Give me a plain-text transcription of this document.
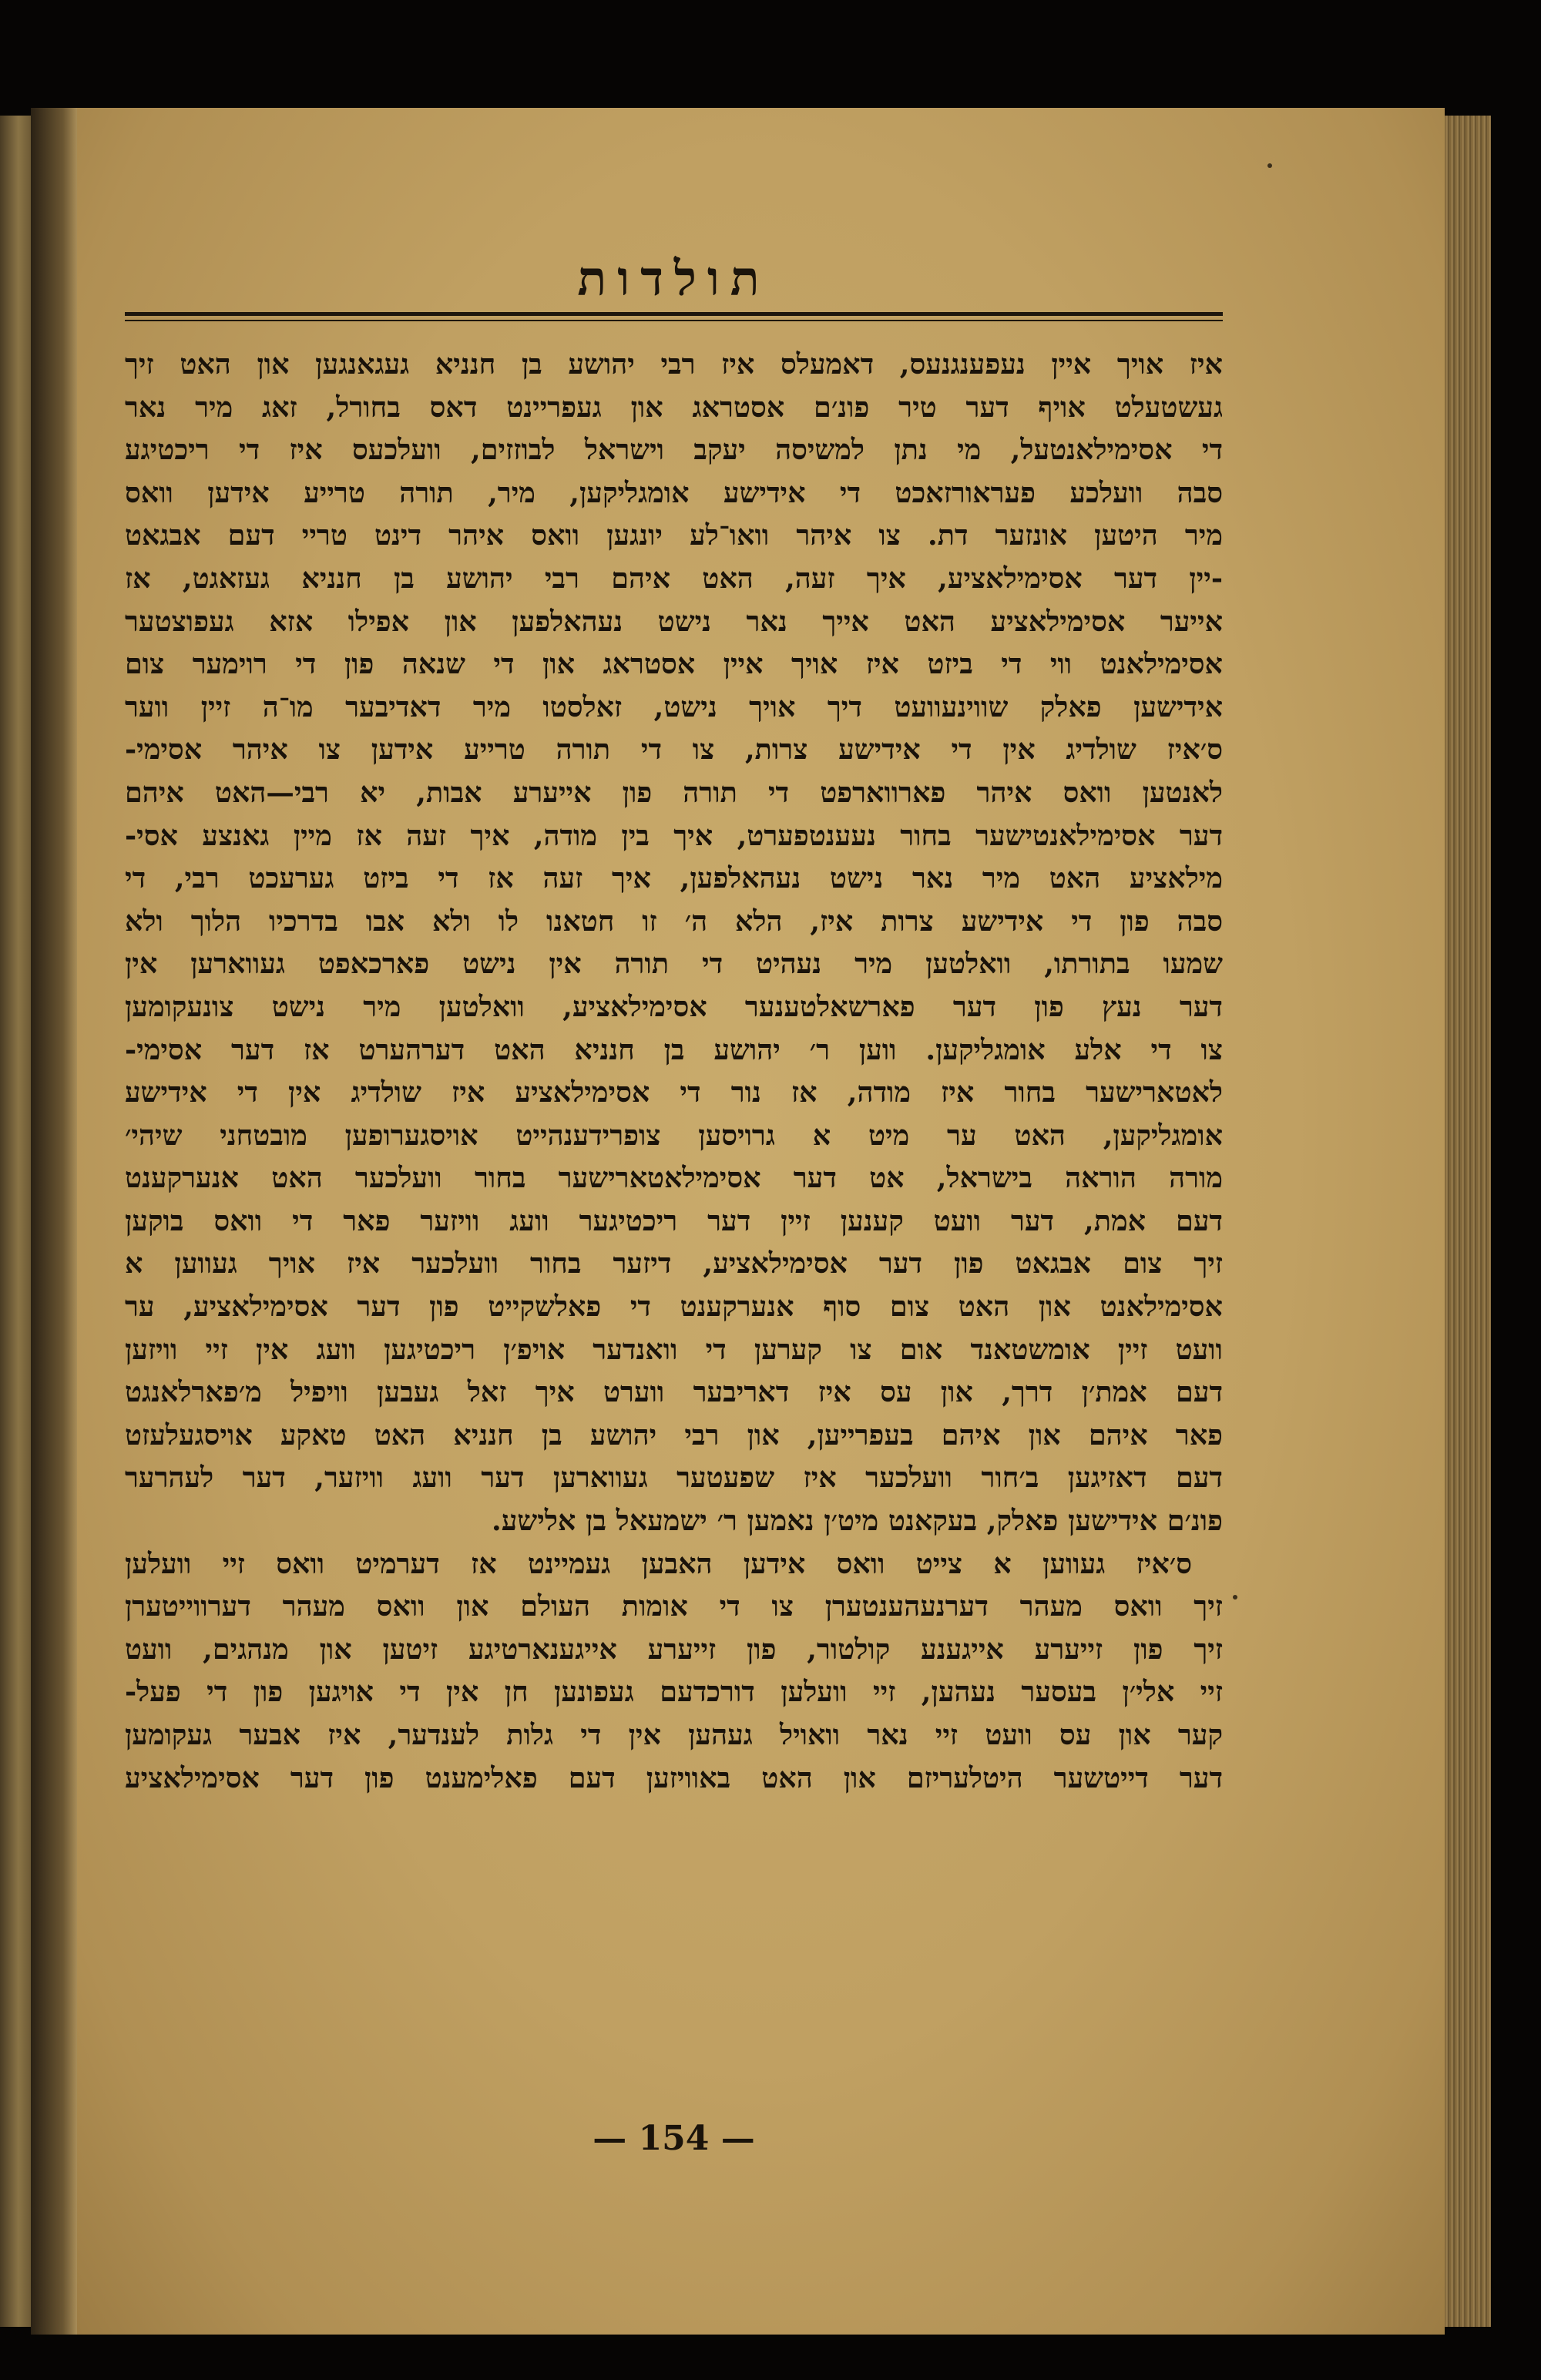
תולדות
איז אויך איין נעפענגנעס, דאמעלס איז רבי יהושע בן חנניא געגאנגען און האט זיך
געשטעלט אויף דער טיר פונ׳ם אסטראג און געפריינט דאס בחורל, זאג מיר נאר
די אסימילאנטעל, מי נתן למשיסה יעקב וישראל לבוזזים, וועלכעס איז די ריכטיגע
סבה וועלכע פעראורזאכט די אידישע אומגליקען, מיר, תורה טרייע אידען וואס
מיר היטען אונזער דת. צו איהר וואו־לע יונגען וואס איהר דינט טריי דעם אבגאט
-יין דער אסימילאציע, איך זעה, האט איהם רבי יהושע בן חנניא געזאגט, אז
אייער אסימילאציע האט אייך נאר נישט נעהאלפען און אפילו אזא געפוצטער
אסימילאנט ווי די ביזט איז אויך איין אסטראג און די שנאה פון די רוימער צום
אידישען פאלק שווינעוועט דיך אויך נישט, זאלסטו מיר דאדיבער מו־ה זיין ווער
ס׳איז שולדיג אין די אידישע צרות, צו די תורה טרייע אידען צו איהר אסימי-
לאנטען וואס איהר פארווארפט די תורה פון אייערע אבות, יא רבי—האט איהם
דער אסימילאנטישער בחור נעענטפערט, איך בין מודה, איך זעה אז מיין גאנצע אסי-
מילאציע האט מיר נאר נישט נעהאלפען, איך זעה אז די ביזט גערעכט רבי, די
סבה פון די אידישע צרות איז, הלא ה׳ זו חטאנו לו ולא אבו בדרכיו הלוך ולא
שמעו בתורתו, וואלטען מיר נעהיט די תורה אין נישט פארכאפט געווארען אין
דער נעץ פון דער פארשאלטענער אסימילאציע, וואלטען מיר נישט צונעקומען
צו די אלע אומגליקען. ווען ר׳ יהושע בן חנניא האט דערהערט אז דער אסימי-
לאטארישער בחור איז מודה, אז נור די אסימילאציע איז שולדיג אין די אידישע
אומגליקען, האט ער מיט א גרויסען צופרידענהייט אויסגערופען מובטחני שיהי׳
מורה הוראה בישראל, אט דער אסימילאטארישער בחור וועלכער האט אנערקענט
דעם אמת, דער וועט קענען זיין דער ריכטיגער וועג וויזער פאר די וואס בוקען
זיך צום אבגאט פון דער אסימילאציע, דיזער בחור וועלכער איז אויך געווען א
אסימילאנט און האט צום סוף אנערקענט די פאלשקייט פון דער אסימילאציע, ער
וועט זיין אומשטאנד אום צו קערען די וואנדער אויפ׳ן ריכטיגען וועג אין זיי וויזען
דעם אמת׳ן דרך, און עס איז דאריבער ווערט איך זאל געבען וויפיל מ׳פארלאנגט
פאר איהם און איהם בעפרייען, און רבי יהושע בן חנניא האט טאקע אויסגעלעזט
דעם דאזיגען ב׳חור וועלכער איז שפעטער געווארען דער וועג וויזער, דער לעהרער
פונ׳ם אידישען פאלק, בעקאנט מיט׳ן נאמען ר׳ ישמעאל בן אלישע.
ס׳איז געווען א צייט וואס אידען האבען געמיינט אז דערמיט וואס זיי וועלען
זיך וואס מעהר דערנעהענטערן צו די אומות העולם און וואס מעהר דערווייטערן
זיך פון זייערע אייגענע קולטור, פון זייערע אייגענארטיגע זיטען און מנהגים, וועט
זיי אלי׳ן בעסער נעהען, זיי וועלען דורכדעם געפונען חן אין די אויגען פון די פעל-
קער און עס וועט זיי נאר וואויל געהען אין די גלות לענדער, איז אבער געקומען
דער דייטשער היטלעריזם און האט באוויזען דעם פאלימענט פון דער אסימילאציע
— 154 —
